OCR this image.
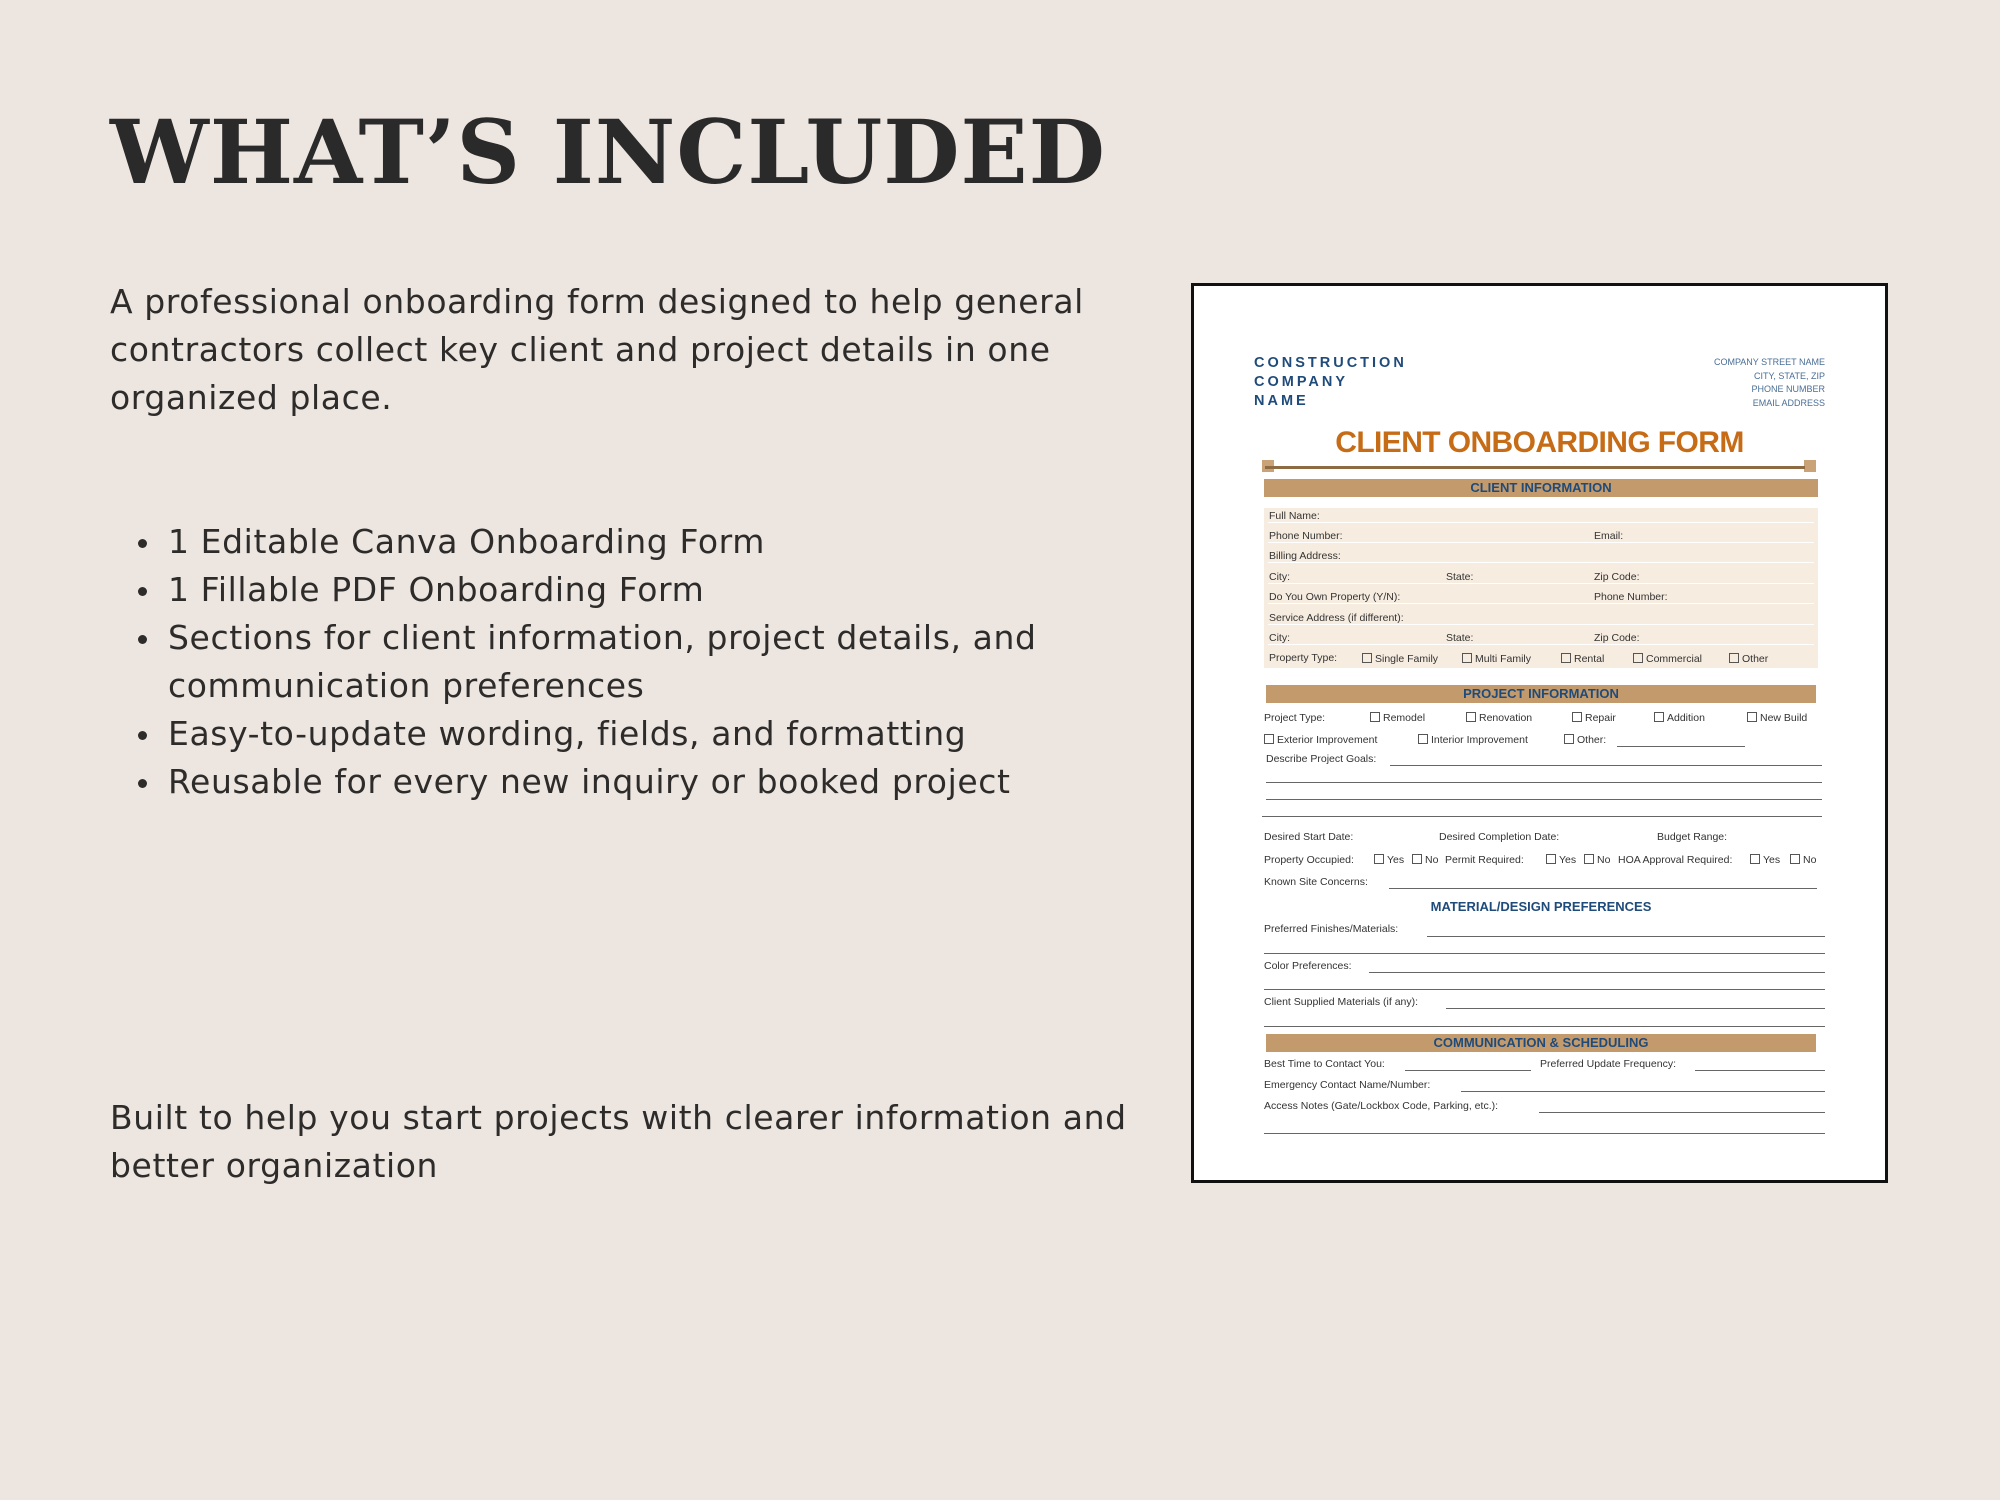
WHAT’S INCLUDED

A professional onboarding form designed to help general contractors collect key client and project details in one organized place.

1 Editable Canva Onboarding Form
1 Fillable PDF Onboarding Form
Sections for client information, project details, and communication preferences
Easy-to-update wording, fields, and formatting
Reusable for every new inquiry or booked project

Built to help you start projects with clearer information and better organization

CONSTRUCTION
COMPANY
NAME
COMPANY STREET NAME
CITY, STATE, ZIP
PHONE NUMBER
EMAIL ADDRESS
CLIENT ONBOARDING FORM
CLIENT INFORMATION
Full Name:
Phone Number:	Email:
Billing Address:
City:	State:	Zip Code:
Do You Own Property (Y/N):	Phone Number:
Service Address (if different):
City:	State:	Zip Code:
Property Type:	Single Family	Multi Family	Rental	Commercial	Other
PROJECT INFORMATION
Project Type:	Remodel	Renovation	Repair	Addition	New Build
Exterior Improvement	Interior Improvement	Other:
Describe Project Goals:
Desired Start Date:	Desired Completion Date:	Budget Range:
Property Occupied:	Yes	No Permit Required:	Yes	No HOA Approval Required:	Yes	No
Known Site Concerns:
MATERIAL/DESIGN PREFERENCES
Preferred Finishes/Materials:
Color Preferences:
Client Supplied Materials (if any):
COMMUNICATION & SCHEDULING
Best Time to Contact You:	Preferred Update Frequency:
Emergency Contact Name/Number:
Access Notes (Gate/Lockbox Code, Parking, etc.):
